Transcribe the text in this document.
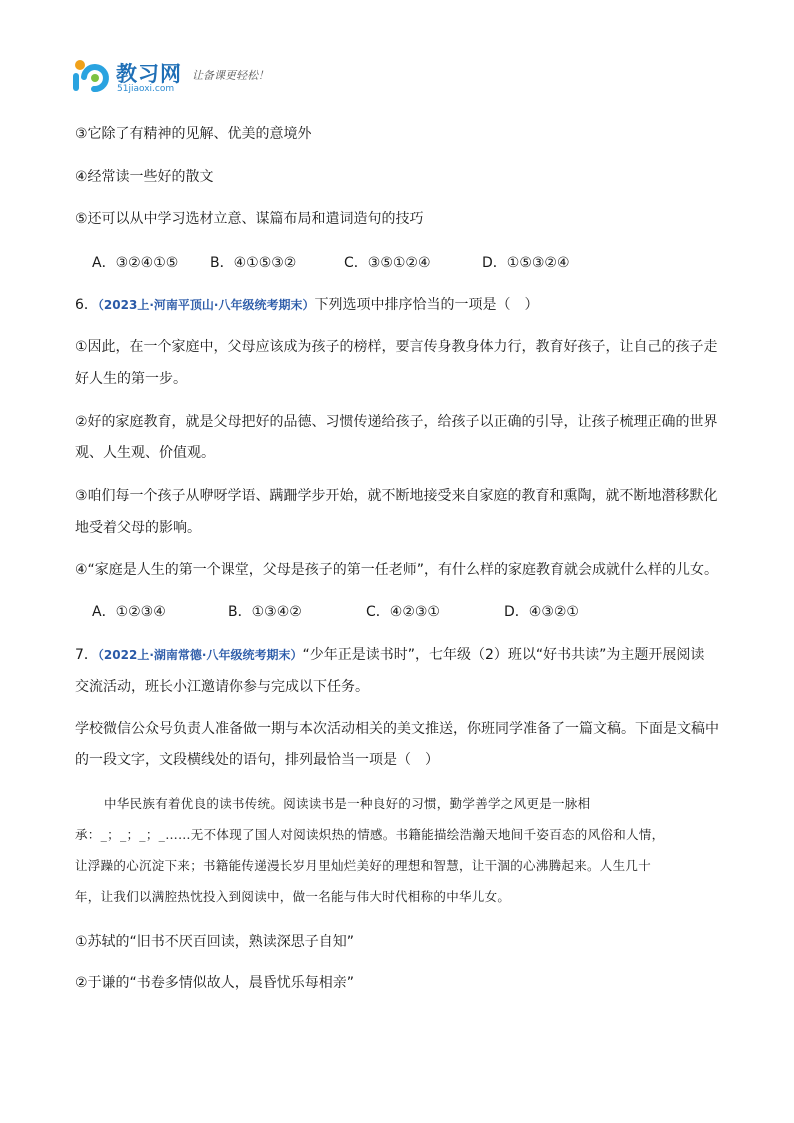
教习网
51jiaoxi.com
让备课更轻松！
③它除了有精神的见解、优美的意境外
④经常读一些好的散文
⑤还可以从中学习选材立意、谋篇布局和遣词造句的技巧
A．③②④①⑤ B．④①⑤③②	C．③⑤①②④	D．①⑤③②④
6．（2023上·河南平顶山·八年级统考期末）下列选项中排序恰当的一项是（　）
①因此，在一个家庭中，父母应该成为孩子的榜样，要言传身教身体力行，教育好孩子，让自己的孩子走
好人生的第一步。
②好的家庭教育，就是父母把好的品德、习惯传递给孩子，给孩子以正确的引导，让孩子梳理正确的世界
观、人生观、价值观。
③咱们每一个孩子从咿呀学语、蹒跚学步开始，就不断地接受来自家庭的教育和熏陶，就不断地潜移默化
地受着父母的影响。
④“家庭是人生的第一个课堂，父母是孩子的第一任老师”，有什么样的家庭教育就会成就什么样的儿女。
A．①②③④	B．①③④②	C．④②③①	D．④③②①
7．（2022上·湖南常德·八年级统考期末）“少年正是读书时”，七年级（2）班以“好书共读”为主题开展阅读
交流活动，班长小江邀请你参与完成以下任务。
学校微信公众号负责人准备做一期与本次活动相关的美文推送，你班同学准备了一篇文稿。下面是文稿中
的一段文字，文段横线处的语句，排列最恰当一项是（　）
中华民族有着优良的读书传统。阅读读书是一种良好的习惯，勤学善学之风更是一脉相
承：_；_；_；_……无不体现了国人对阅读炽热的情感。书籍能描绘浩瀚天地间千姿百态的风俗和人情，
让浮躁的心沉淀下来；书籍能传递漫长岁月里灿烂美好的理想和智慧，让干涸的心沸腾起来。人生几十
年，让我们以满腔热忱投入到阅读中，做一名能与伟大时代相称的中华儿女。
①苏轼的“旧书不厌百回读，熟读深思子自知”
②于谦的“书卷多情似故人，晨昏忧乐每相亲”
